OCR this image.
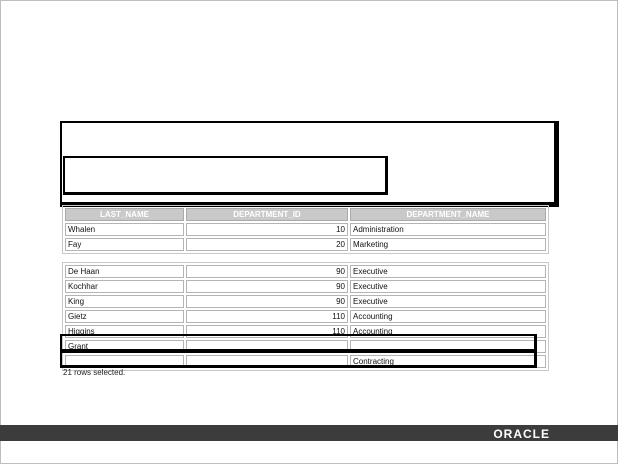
LAST_NAME	DEPARTMENT_ID	DEPARTMENT_NAME
Whalen	10	Administration
Fay	20	Marketing
De Haan	90	Executive
Kochhar	90	Executive
King	90	Executive
Gietz	110	Accounting
Higgins	110	Accounting
Grant		
		Contracting
21 rows selected.
ORACLE
